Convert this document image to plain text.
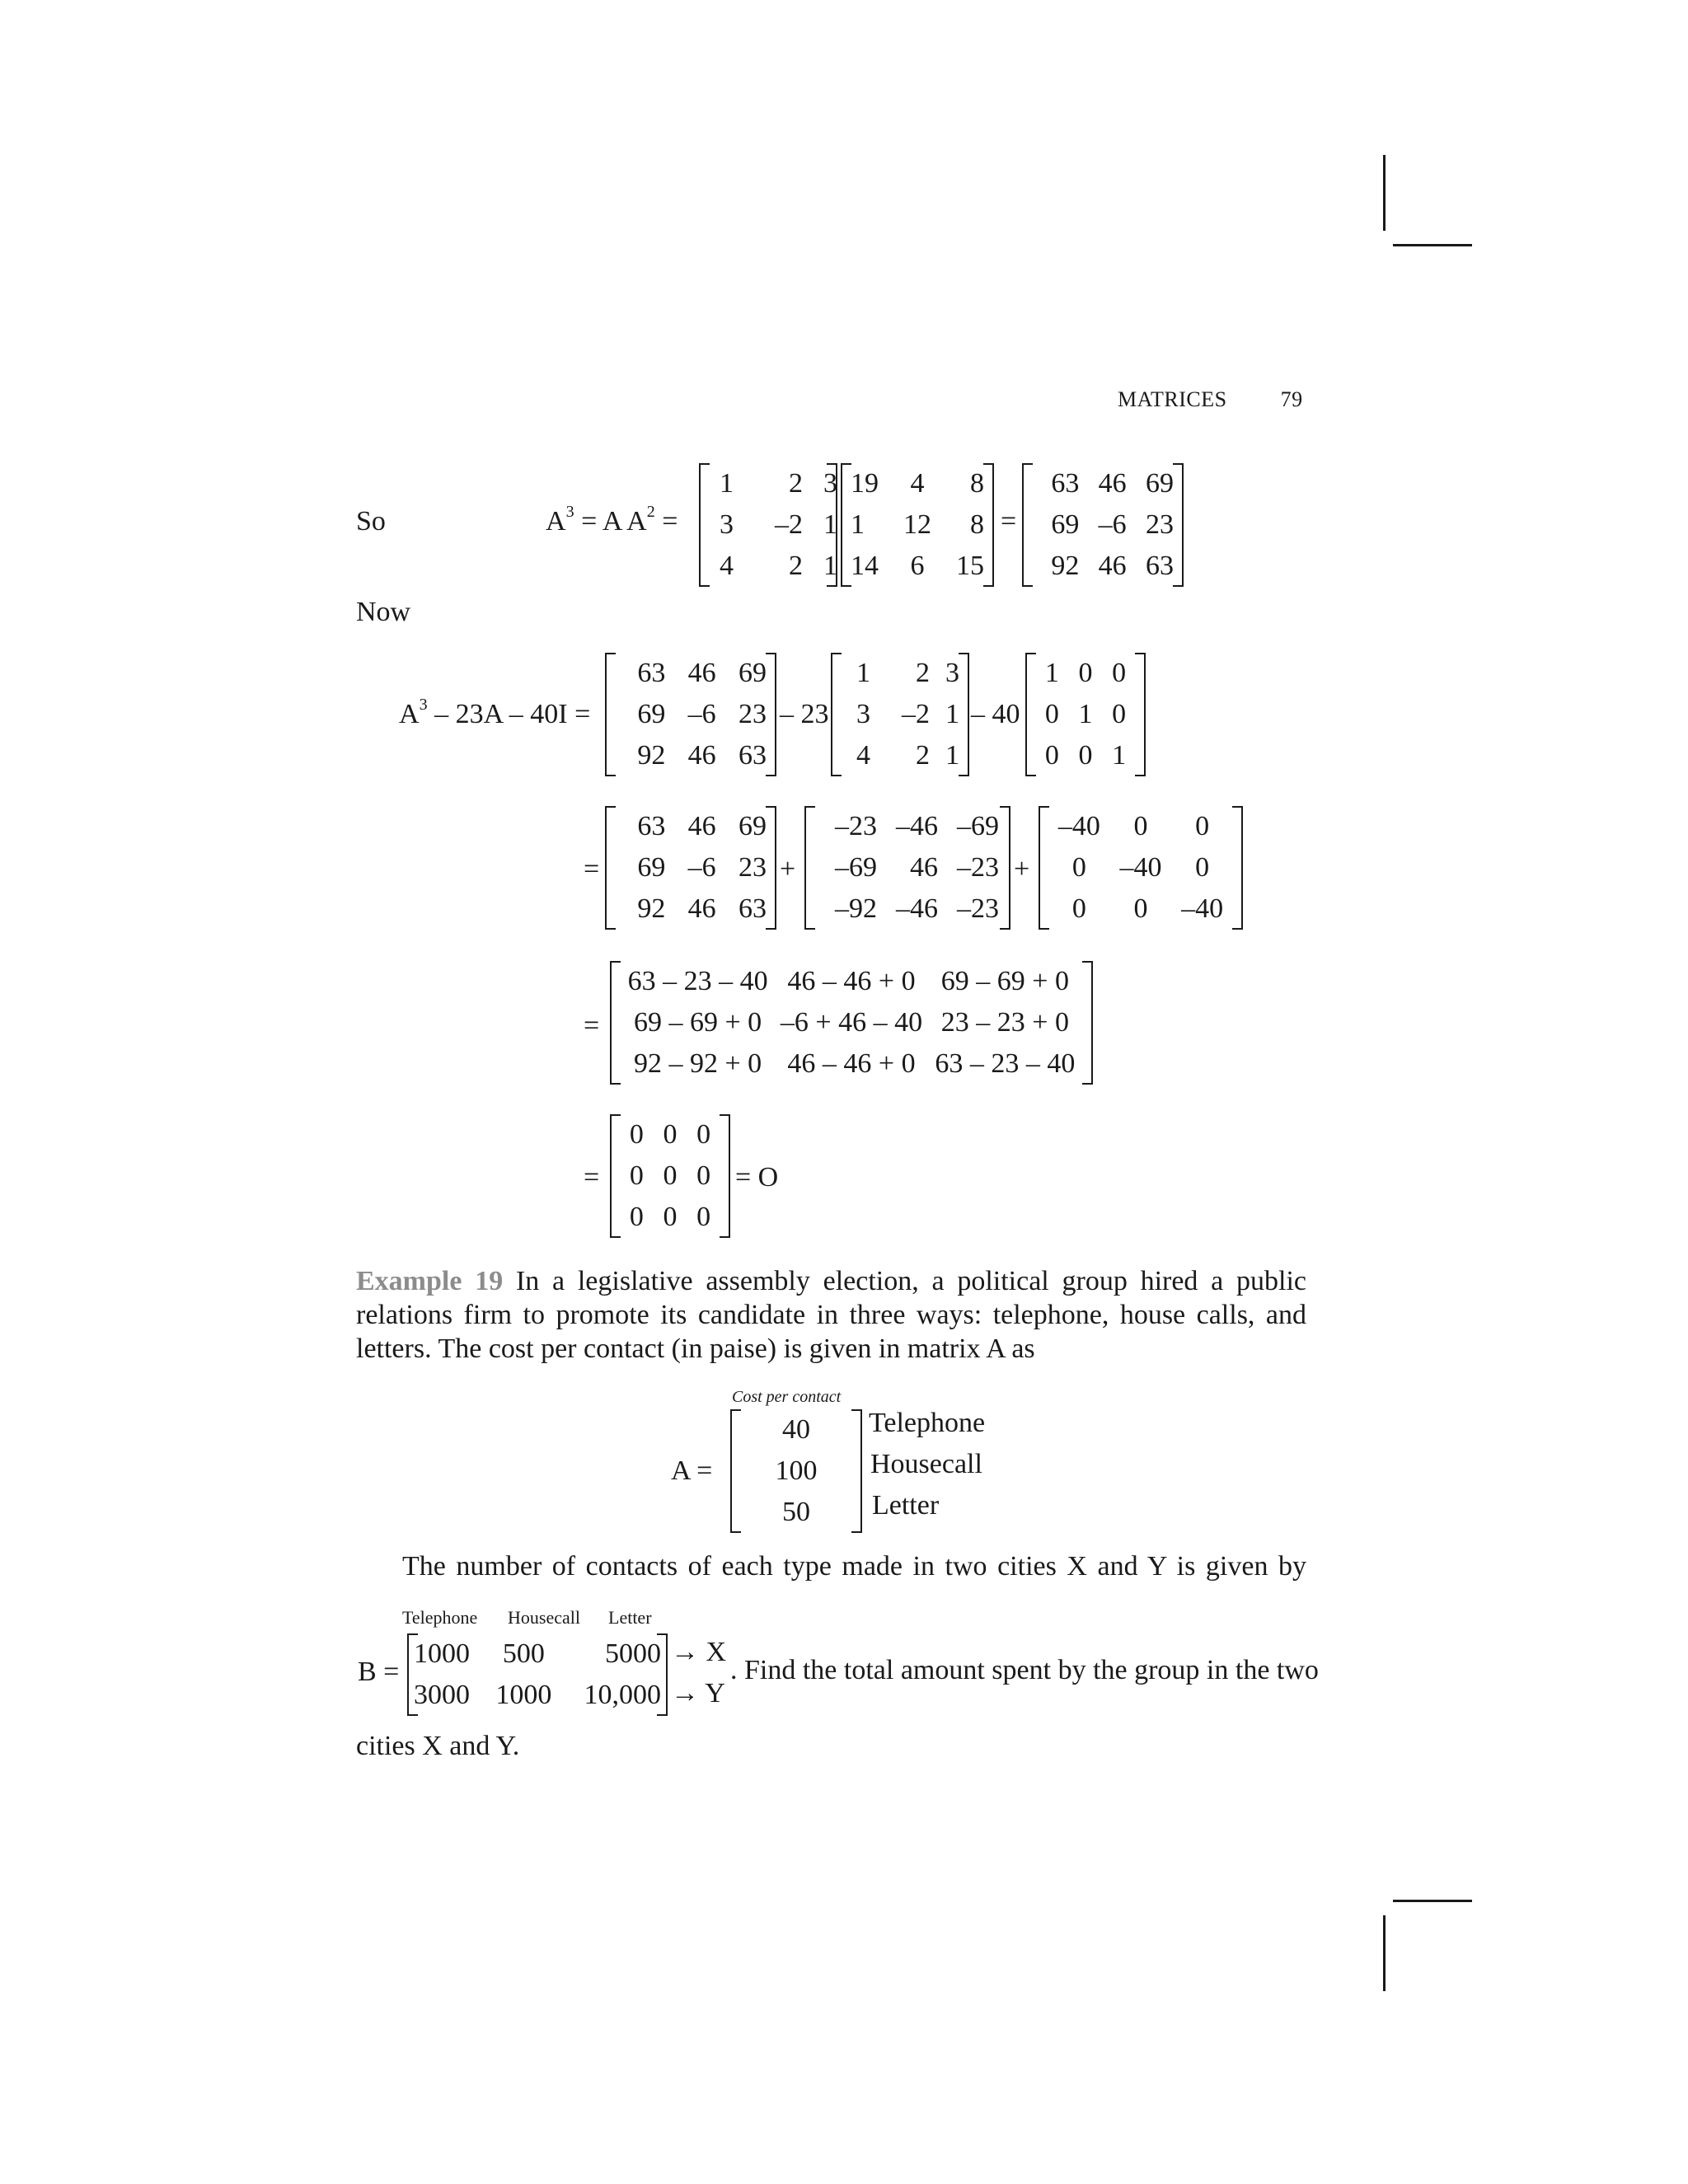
MATRICES	79
So	$A^3 = A$ $A^2$ =
1	2	3
3	–2	1
4	2	1
19	4	8
1	12	8
14	6	15
=
63	46	69
69	–6	23
92	46	63
Now
$A^3 - 23A - 40I$ =
63	46	69
69	–6	23
92	46	63
– 23
1	2	3
3	–2	1
4	2	1
– 40
1	0	0
0	1	0
0	0	1
=
63	46	69
69	–6	23
92	46	63
+
–23	–46	–69
–69	46	–23
–92	–46	–23
+
–40	0	0
0	–40	0
0	0	–40
=
63 – 23 – 40	46 – 46 + 0	69 – 69 + 0
69 – 69 + 0	–6 + 46 – 40	23 – 23 + 0
92 – 92 + 0	46 – 46 + 0	63 – 23 – 40
=
0	0	0
0	0	0
0	0	0
= O
Example 19 In a legislative assembly election, a political group hired a public relations firm to promote its candidate in three ways: telephone, house calls, and letters. The cost per contact (in paise) is given in matrix A as
Cost per contact
A =
40
100
50
Telephone
Housecall
Letter
The number of contacts of each type made in two cities X and Y is given by
Telephone Housecall Letter
B =
1000	500	5000
3000	1000	10,000
→ X
→ Y
. Find the total amount spent by the group in the two
cities X and Y.
